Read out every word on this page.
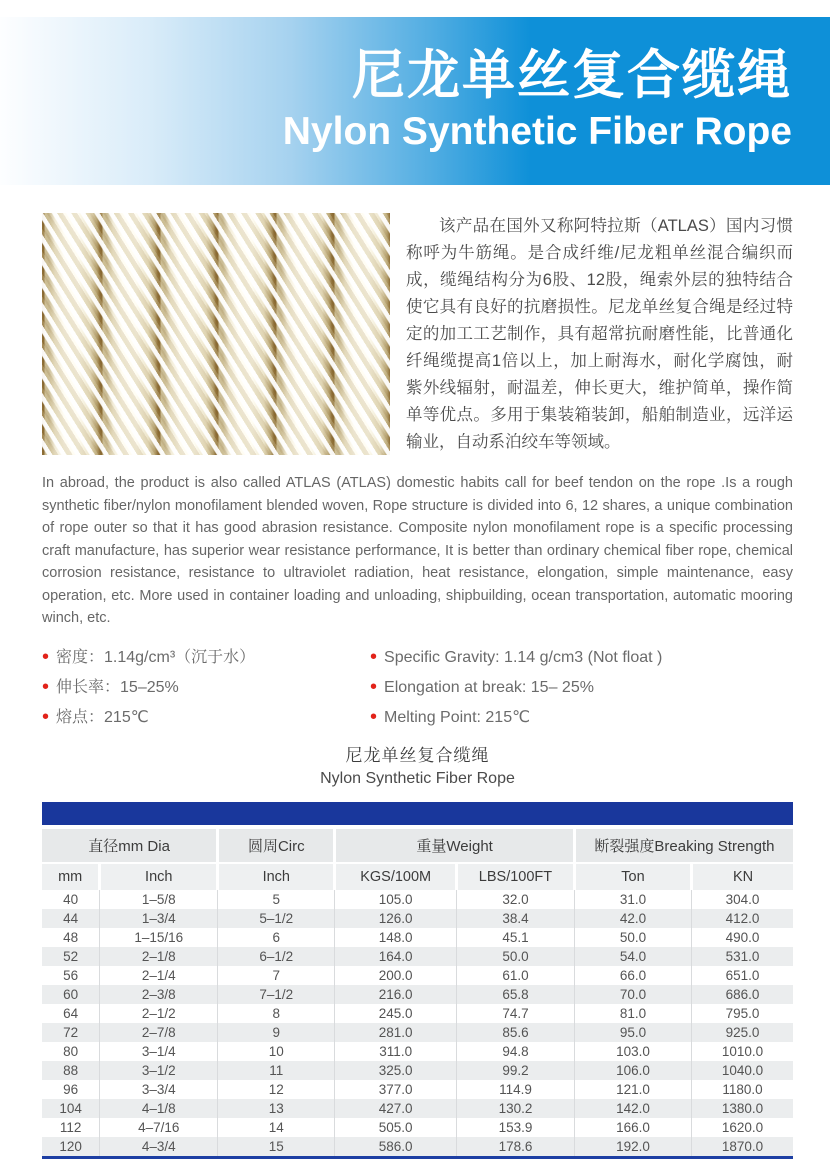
尼龙单丝复合缆绳
Nylon Synthetic Fiber Rope
该产品在国外又称阿特拉斯（ATLAS）国内习惯称呼为牛筋绳。是合成纤维/尼龙粗单丝混合编织而成，缆绳结构分为6股、12股，绳索外层的独特结合使它具有良好的抗磨损性。尼龙单丝复合绳是经过特定的加工工艺制作，具有超常抗耐磨性能，比普通化纤绳缆提高1倍以上，加上耐海水，耐化学腐蚀，耐紫外线辐射，耐温差，伸长更大，维护简单，操作简单等优点。多用于集装箱装卸，船舶制造业，远洋运输业，自动系泊绞车等领域。
In abroad, the product is also called ATLAS (ATLAS) domestic habits call for beef tendon on the rope .Is a rough synthetic fiber/nylon monofilament blended woven, Rope structure is divided into 6, 12 shares, a unique combination of rope outer so that it has good abrasion resistance. Composite nylon monofilament rope is a specific processing craft manufacture, has superior wear resistance performance, It is better than ordinary chemical fiber rope, chemical corrosion resistance, resistance to ultraviolet radiation, heat resistance, elongation, simple maintenance, easy operation, etc. More used in container loading and unloading, shipbuilding, ocean transportation, automatic mooring winch, etc.
• 密度：1.14g/cm³（沉于水）
• 伸长率：15–25%
• 熔点：215℃
• Specific Gravity: 1.14 g/cm3 (Not float )
• Elongation at break: 15– 25%
• Melting Point: 215℃
尼龙单丝复合缆绳
Nylon Synthetic Fiber Rope
直径mm Dia		圆周Circ	重量Weight		断裂强度Breaking Strength	
mm	Inch	Inch	KGS/100M	LBS/100FT	Ton	KN
40	1–5/8	5	105.0	32.0	31.0	304.0
44	1–3/4	5–1/2	126.0	38.4	42.0	412.0
48	1–15/16	6	148.0	45.1	50.0	490.0
52	2–1/8	6–1/2	164.0	50.0	54.0	531.0
56	2–1/4	7	200.0	61.0	66.0	651.0
60	2–3/8	7–1/2	216.0	65.8	70.0	686.0
64	2–1/2	8	245.0	74.7	81.0	795.0
72	2–7/8	9	281.0	85.6	95.0	925.0
80	3–1/4	10	311.0	94.8	103.0	1010.0
88	3–1/2	11	325.0	99.2	106.0	1040.0
96	3–3/4	12	377.0	114.9	121.0	1180.0
104	4–1/8	13	427.0	130.2	142.0	1380.0
112	4–7/16	14	505.0	153.9	166.0	1620.0
120	4–3/4	15	586.0	178.6	192.0	1870.0
